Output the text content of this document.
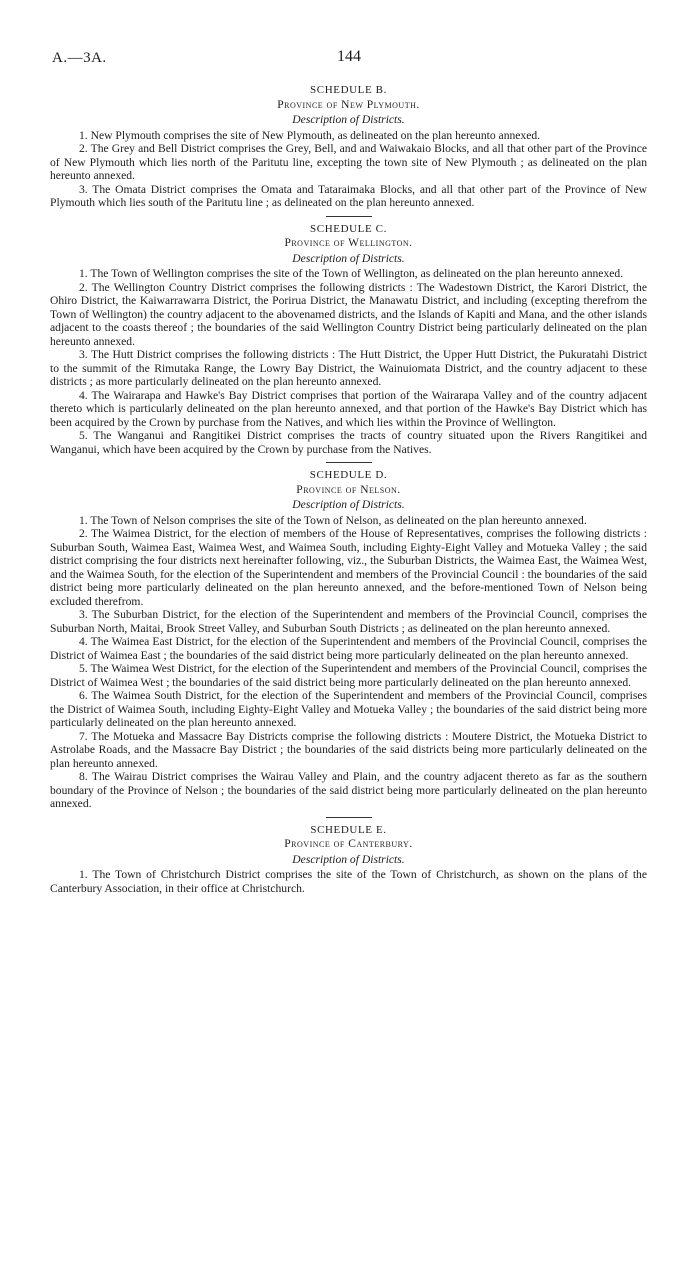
A.—3A.	144

SCHEDULE B.

Province of New Plymouth.

Description of Districts.

1. New Plymouth comprises the site of New Plymouth, as delineated on the plan hereunto annexed.

2. The Grey and Bell District comprises the Grey, Bell, and and Waiwakaio Blocks, and all that other part of the Province of New Plymouth which lies north of the Paritutu line, excepting the town site of New Plymouth ; as delineated on the plan hereunto annexed.

3. The Omata District comprises the Omata and Tataraimaka Blocks, and all that other part of the Province of New Plymouth which lies south of the Paritutu line ; as delineated on the plan hereunto annexed.

SCHEDULE C.

Province of Wellington.

Description of Districts.

1. The Town of Wellington comprises the site of the Town of Wellington, as delineated on the plan hereunto annexed.

2. The Wellington Country District comprises the following districts : The Wadestown District, the Karori District, the Ohiro District, the Kaiwarrawarra District, the Porirua District, the Manawatu District, and including (excepting therefrom the Town of Wellington) the country adjacent to the abovenamed districts, and the Islands of Kapiti and Mana, and the other islands adjacent to the coasts thereof ; the boundaries of the said Wellington Country District being particularly delineated on the plan hereunto annexed.

3. The Hutt District comprises the following districts : The Hutt District, the Upper Hutt District, the Pukuratahi District to the summit of the Rimutaka Range, the Lowry Bay District, the Wainuiomata District, and the country adjacent to these districts ; as more particularly delineated on the plan hereunto annexed.

4. The Wairarapa and Hawke's Bay District comprises that portion of the Wairarapa Valley and of the country adjacent thereto which is particularly delineated on the plan hereunto annexed, and that portion of the Hawke's Bay District which has been acquired by the Crown by purchase from the Natives, and which lies within the Province of Wellington.

5. The Wanganui and Rangitikei District comprises the tracts of country situated upon the Rivers Rangitikei and Wanganui, which have been acquired by the Crown by purchase from the Natives.

SCHEDULE D.

Province of Nelson.

Description of Districts.

1. The Town of Nelson comprises the site of the Town of Nelson, as delineated on the plan hereunto annexed.

2. The Waimea District, for the election of members of the House of Representatives, comprises the following districts : Suburban South, Waimea East, Waimea West, and Waimea South, including Eighty-Eight Valley and Motueka Valley ; the said district comprising the four districts next hereinafter following, viz., the Suburban Districts, the Waimea East, the Waimea West, and the Waimea South, for the election of the Superintendent and members of the Provincial Council : the boundaries of the said district being more particularly delineated on the plan hereunto annexed, and the before-mentioned Town of Nelson being excluded therefrom.

3. The Suburban District, for the election of the Superintendent and members of the Provincial Council, comprises the Suburban North, Maitai, Brook Street Valley, and Suburban South Districts ; as delineated on the plan hereunto annexed.

4. The Waimea East District, for the election of the Superintendent and members of the Provincial Council, comprises the District of Waimea East ; the boundaries of the said district being more particularly delineated on the plan hereunto annexed.

5. The Waimea West District, for the election of the Superintendent and members of the Provincial Council, comprises the District of Waimea West ; the boundaries of the said district being more particularly delineated on the plan hereunto annexed.

6. The Waimea South District, for the election of the Superintendent and members of the Provincial Council, comprises the District of Waimea South, including Eighty-Eight Valley and Motueka Valley ; the boundaries of the said district being more particularly delineated on the plan hereunto annexed.

7. The Motueka and Massacre Bay Districts comprise the following districts : Moutere District, the Motueka District to Astrolabe Roads, and the Massacre Bay District ; the boundaries of the said districts being more particularly delineated on the plan hereunto annexed.

8. The Wairau District comprises the Wairau Valley and Plain, and the country adjacent thereto as far as the southern boundary of the Province of Nelson ; the boundaries of the said district being more particularly delineated on the plan hereunto annexed.

SCHEDULE E.

Province of Canterbury.

Description of Districts.

1. The Town of Christchurch District comprises the site of the Town of Christchurch, as shown on the plans of the Canterbury Association, in their office at Christchurch.
